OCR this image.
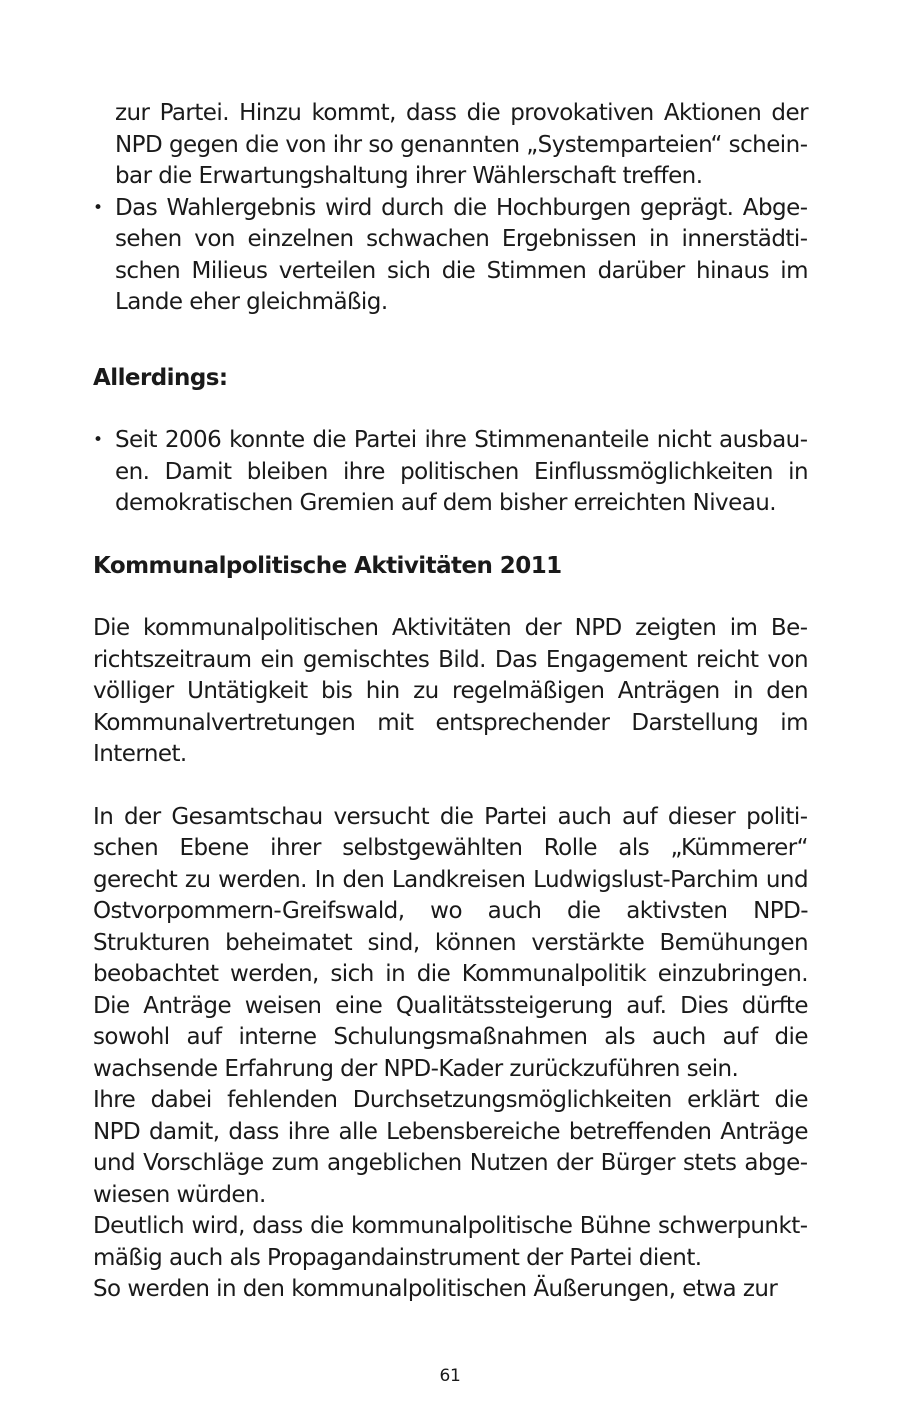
zur Partei. Hinzu kommt, dass die provokativen Aktionen der NPD gegen die von ihr so genannten „Systemparteien“ scheinbar die Erwartungshaltung ihrer Wählerschaft treffen.

• Das Wahlergebnis wird durch die Hochburgen geprägt. Abgesehen von einzelnen schwachen Ergebnissen in innerstädtischen Milieus verteilen sich die Stimmen darüber hinaus im Lande eher gleichmäßig.

Allerdings:

• Seit 2006 konnte die Partei ihre Stimmenanteile nicht ausbauen. Damit bleiben ihre politischen Einflussmöglichkeiten in demokratischen Gremien auf dem bisher erreichten Niveau.

Kommunalpolitische Aktivitäten 2011

Die kommunalpolitischen Aktivitäten der NPD zeigten im Berichtszeitraum ein gemischtes Bild. Das Engagement reicht von völliger Untätigkeit bis hin zu regelmäßigen Anträgen in den Kommunalvertretungen mit entsprechender Darstellung im Internet.

In der Gesamtschau versucht die Partei auch auf dieser politischen Ebene ihrer selbstgewählten Rolle als „Kümmerer“ gerecht zu werden. In den Landkreisen Ludwigslust-Parchim und Ostvorpommern-Greifswald, wo auch die aktivsten NPD-Strukturen beheimatet sind, können verstärkte Bemühungen beobachtet werden, sich in die Kommunalpolitik einzubringen. Die Anträge weisen eine Qualitätssteigerung auf. Dies dürfte sowohl auf interne Schulungsmaßnahmen als auch auf die wachsende Erfahrung der NPD-Kader zurückzuführen sein.

Ihre dabei fehlenden Durchsetzungsmöglichkeiten erklärt die NPD damit, dass ihre alle Lebensbereiche betreffenden Anträge und Vorschläge zum angeblichen Nutzen der Bürger stets abgewiesen würden.

Deutlich wird, dass die kommunalpolitische Bühne schwerpunktmäßig auch als Propagandainstrument der Partei dient.

So werden in den kommunalpolitischen Äußerungen, etwa zur

61
